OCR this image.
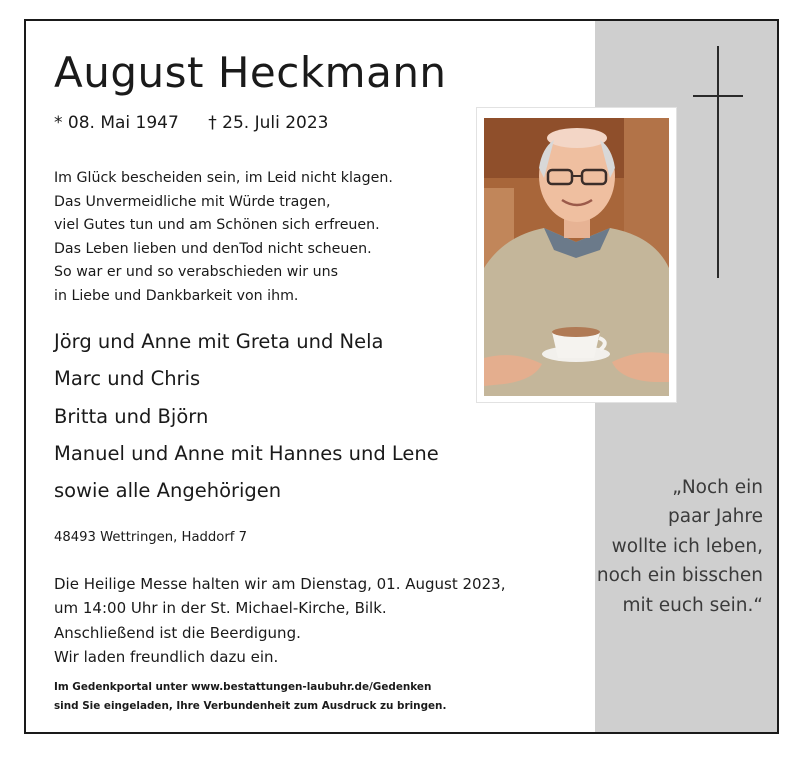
August Heckmann
* 08. Mai 1947 † 25. Juli 2023
Im Glück bescheiden sein, im Leid nicht klagen.
Das Unvermeidliche mit Würde tragen,
viel Gutes tun und am Schönen sich erfreuen.
Das Leben lieben und denTod nicht scheuen.
So war er und so verabschieden wir uns
in Liebe und Dankbarkeit von ihm.
Jörg und Anne mit Greta und Nela
Marc und Chris
Britta und Björn
Manuel und Anne mit Hannes und Lene
sowie alle Angehörigen
48493 Wettringen, Haddorf 7
Die Heilige Messe halten wir am Dienstag, 01. August 2023,
um 14:00 Uhr in der St. Michael-Kirche, Bilk.
Anschließend ist die Beerdigung.
Wir laden freundlich dazu ein.
Im Gedenkportal unter www.bestattungen-laubuhr.de/Gedenken
sind Sie eingeladen, Ihre Verbundenheit zum Ausdruck zu bringen.
„Noch ein
paar Jahre
wollte ich leben,
noch ein bisschen
mit euch sein.“
